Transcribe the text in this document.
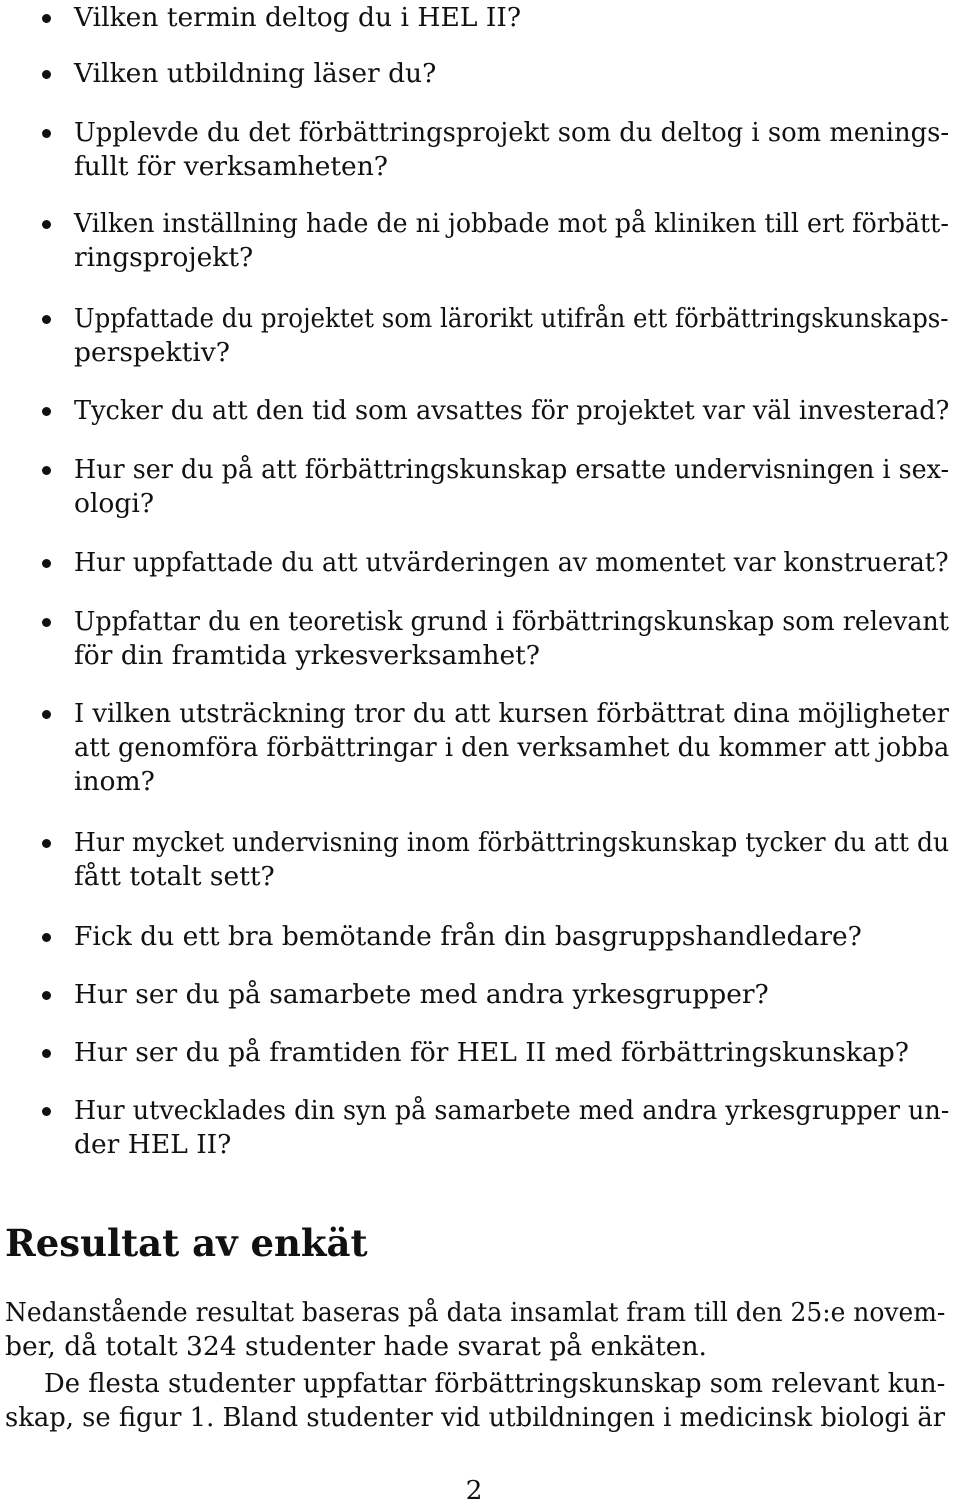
Vilken termin deltog du i HEL II?
Vilken utbildning läser du?
Upplevde du det förbättringsprojekt som du deltog i som menings-
fullt för verksamheten?
Vilken inställning hade de ni jobbade mot på kliniken till ert förbätt-
ringsprojekt?
Uppfattade du projektet som lärorikt utifrån ett förbättringskunskaps-
perspektiv?
Tycker du att den tid som avsattes för projektet var väl investerad?
Hur ser du på att förbättringskunskap ersatte undervisningen i sex-
ologi?
Hur uppfattade du att utvärderingen av momentet var konstruerat?
Uppfattar du en teoretisk grund i förbättringskunskap som relevant
för din framtida yrkesverksamhet?
I vilken utsträckning tror du att kursen förbättrat dina möjligheter
att genomföra förbättringar i den verksamhet du kommer att jobba
inom?
Hur mycket undervisning inom förbättringskunskap tycker du att du
fått totalt sett?
Fick du ett bra bemötande från din basgruppshandledare?
Hur ser du på samarbete med andra yrkesgrupper?
Hur ser du på framtiden för HEL II med förbättringskunskap?
Hur utvecklades din syn på samarbete med andra yrkesgrupper un-
der HEL II?
Resultat av enkät

Nedanstående resultat baseras på data insamlat fram till den 25:e novem-
ber, då totalt 324 studenter hade svarat på enkäten.

De flesta studenter uppfattar förbättringskunskap som relevant kun-
skap, se figur 1. Bland studenter vid utbildningen i medicinsk biologi är

2
